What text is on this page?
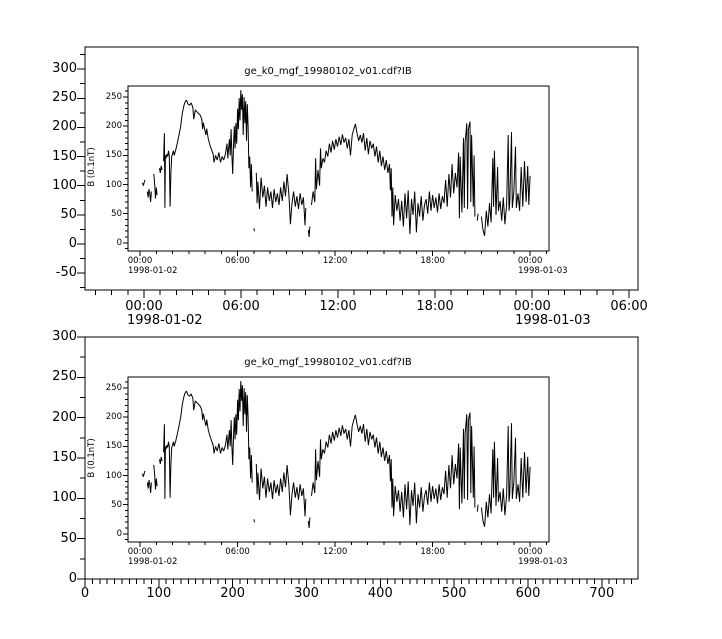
ge_k0_mgf_19980102_v01.cdf?IB
B (0.1nT)
ge_k0_mgf_19980102_v01.cdf?IB
B (0.1nT)
00:00	06:00	12:00	18:00	00:00	06:00
1998-01-02	1998-01-03
-50
0
50
100
150
200
250
300
0	100	200	300	400	500	600	700
0
50
100
150
200
250
300
00:00	06:00	12:00	18:00	00:00
1998-01-02	1998-01-03
0
50
100
150
200
250
00:00	06:00	12:00	18:00	00:00
1998-01-02	1998-01-03
0
50
100
150
200
250
